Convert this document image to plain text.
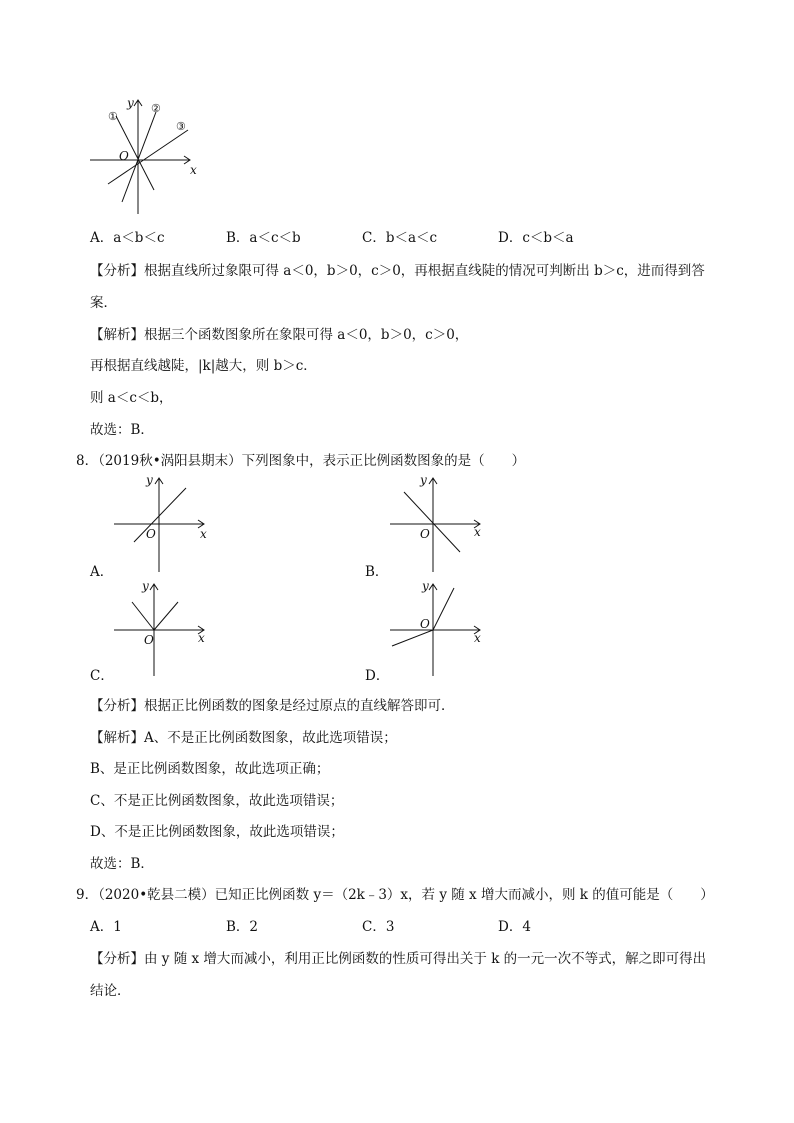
y
x
O
①
②
③
A．a＜b＜c	B．a＜c＜b	C．b＜a＜c	D．c＜b＜a
【分析】根据直线所过象限可得 a＜0，b＞0，c＞0，再根据直线陡的情况可判断出 b＞c，进而得到答
案．
【解析】根据三个函数图象所在象限可得 a＜0，b＞0，c＞0，
再根据直线越陡，|k|越大，则 b＞c．
则 a＜c＜b，
故选：B．
8．（2019秋•涡阳县期末）下列图象中，表示正比例函数图象的是（　　）
y
x
O
A．
y
x
O
B．
y
x
O
C．
y
x
O
D．
【分析】根据正比例函数的图象是经过原点的直线解答即可．
【解析】A、不是正比例函数图象，故此选项错误；
B、是正比例函数图象，故此选项正确；
C、不是正比例函数图象，故此选项错误；
D、不是正比例函数图象，故此选项错误；
故选：B．
9．（2020•乾县二模）已知正比例函数 y＝（2k﹣3）x，若 y 随 x 增大而减小，则 k 的值可能是（　　）
A．1	B．2	C．3	D．4
【分析】由 y 随 x 增大而减小，利用正比例函数的性质可得出关于 k 的一元一次不等式，解之即可得出
结论．
